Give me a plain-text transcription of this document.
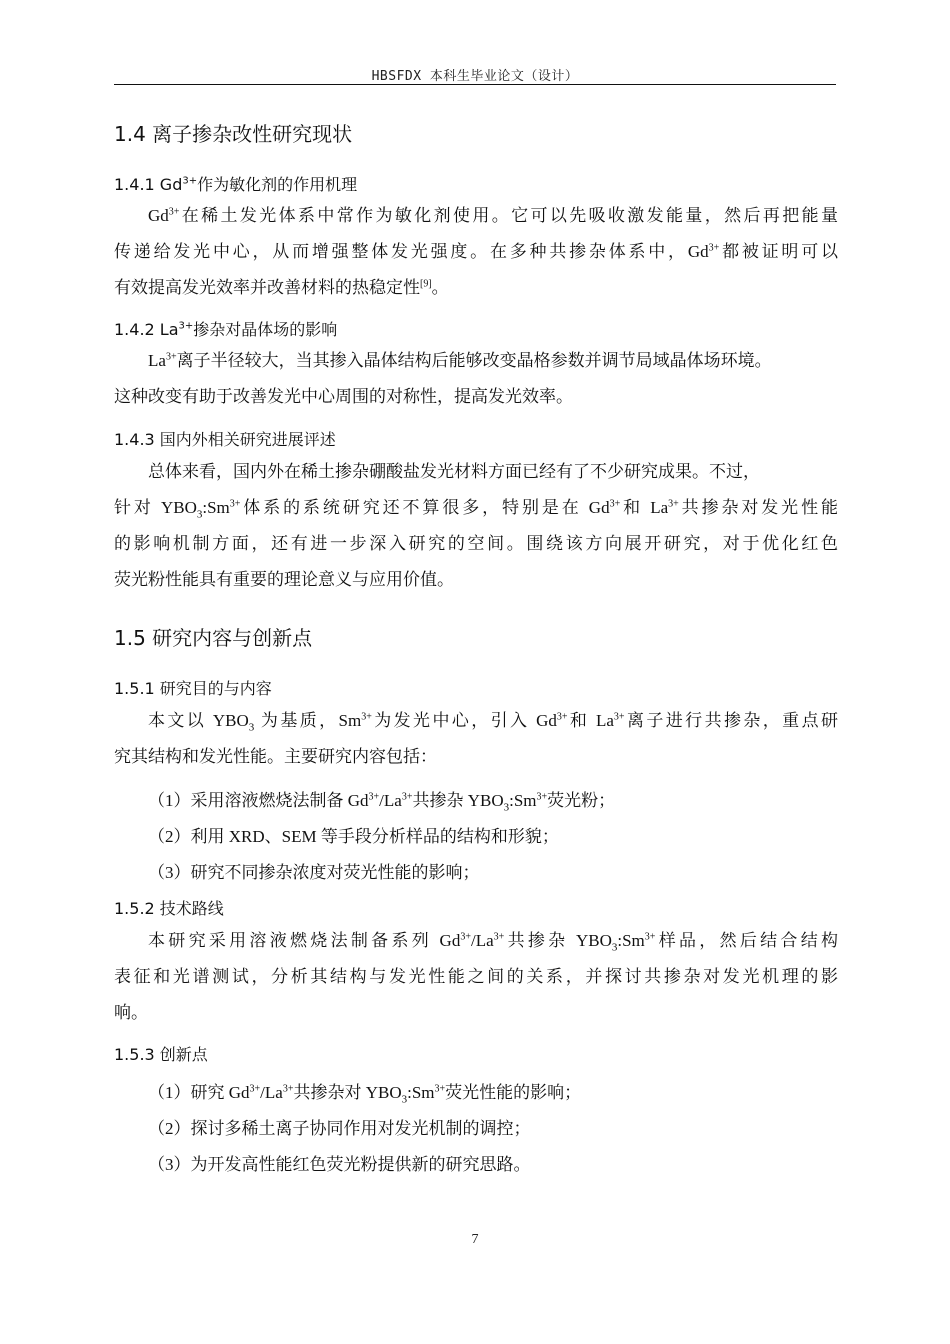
HBSFDX 本科生毕业论文（设计）
1.4 离子掺杂改性研究现状
1.4.1 $Gd^{3+}$作为敏化剂的作用机理
$Gd^{3+}$在稀土发光体系中常作为敏化剂使用。它可以先吸收激发能量，然后再把能量
传递给发光中心，从而增强整体发光强度。在多种共掺杂体系中，$Gd^{3+}$都被证明可以
有效提高发光效率并改善材料的热稳定性[9]。
1.4.2 $La^{3+}$掺杂对晶体场的影响
$La^{3+}$离子半径较大，当其掺入晶体结构后能够改变晶格参数并调节局域晶体场环境。
这种改变有助于改善发光中心周围的对称性，提高发光效率。
1.4.3 国内外相关研究进展评述
总体来看，国内外在稀土掺杂硼酸盐发光材料方面已经有了不少研究成果。不过，
针对 $YBO_3:Sm^{3+}$体系的系统研究还不算很多，特别是在 $Gd^{3+}$和 $La^{3+}$共掺杂对发光性能
的影响机制方面，还有进一步深入研究的空间。围绕该方向展开研究，对于优化红色
荧光粉性能具有重要的理论意义与应用价值。
1.5 研究内容与创新点
1.5.1 研究目的与内容
本文以 $YBO_3$ 为基质，$Sm^{3+}$为发光中心，引入 $Gd^{3+}$和 $La^{3+}$离子进行共掺杂，重点研
究其结构和发光性能。主要研究内容包括：
（1）采用溶液燃烧法制备 $Gd^{3+}/La^{3+}$共掺杂 $YBO_3:Sm^{3+}$荧光粉；
（2）利用 XRD、SEM 等手段分析样品的结构和形貌；
（3）研究不同掺杂浓度对荧光性能的影响；
1.5.2 技术路线
本研究采用溶液燃烧法制备系列 $Gd^{3+}/La^{3+}$共掺杂 $YBO_3:Sm^{3+}$样品，然后结合结构
表征和光谱测试，分析其结构与发光性能之间的关系，并探讨共掺杂对发光机理的影
响。
1.5.3 创新点
（1）研究 $Gd^{3+}/La^{3+}$共掺杂对 $YBO_3:Sm^{3+}$荧光性能的影响；
（2）探讨多稀土离子协同作用对发光机制的调控；
（3）为开发高性能红色荧光粉提供新的研究思路。
7
